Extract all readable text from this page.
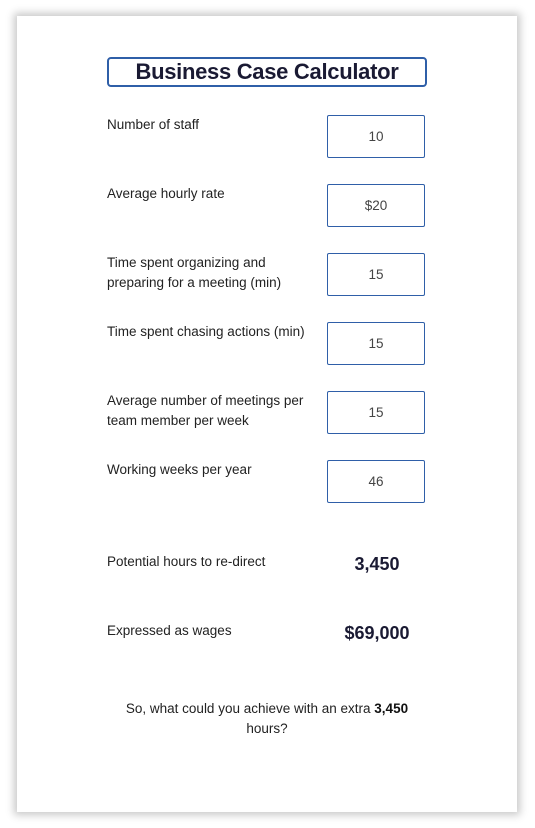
Business Case Calculator
Number of staff
10
Average hourly rate
$20
Time spent organizing and preparing for a meeting (min)
15
Time spent chasing actions (min)
15
Average number of meetings per team member per week
15
Working weeks per year
46
Potential hours to re-direct	3,450
Expressed as wages	$69,000
So, what could you achieve with an extra 3,450 hours?
